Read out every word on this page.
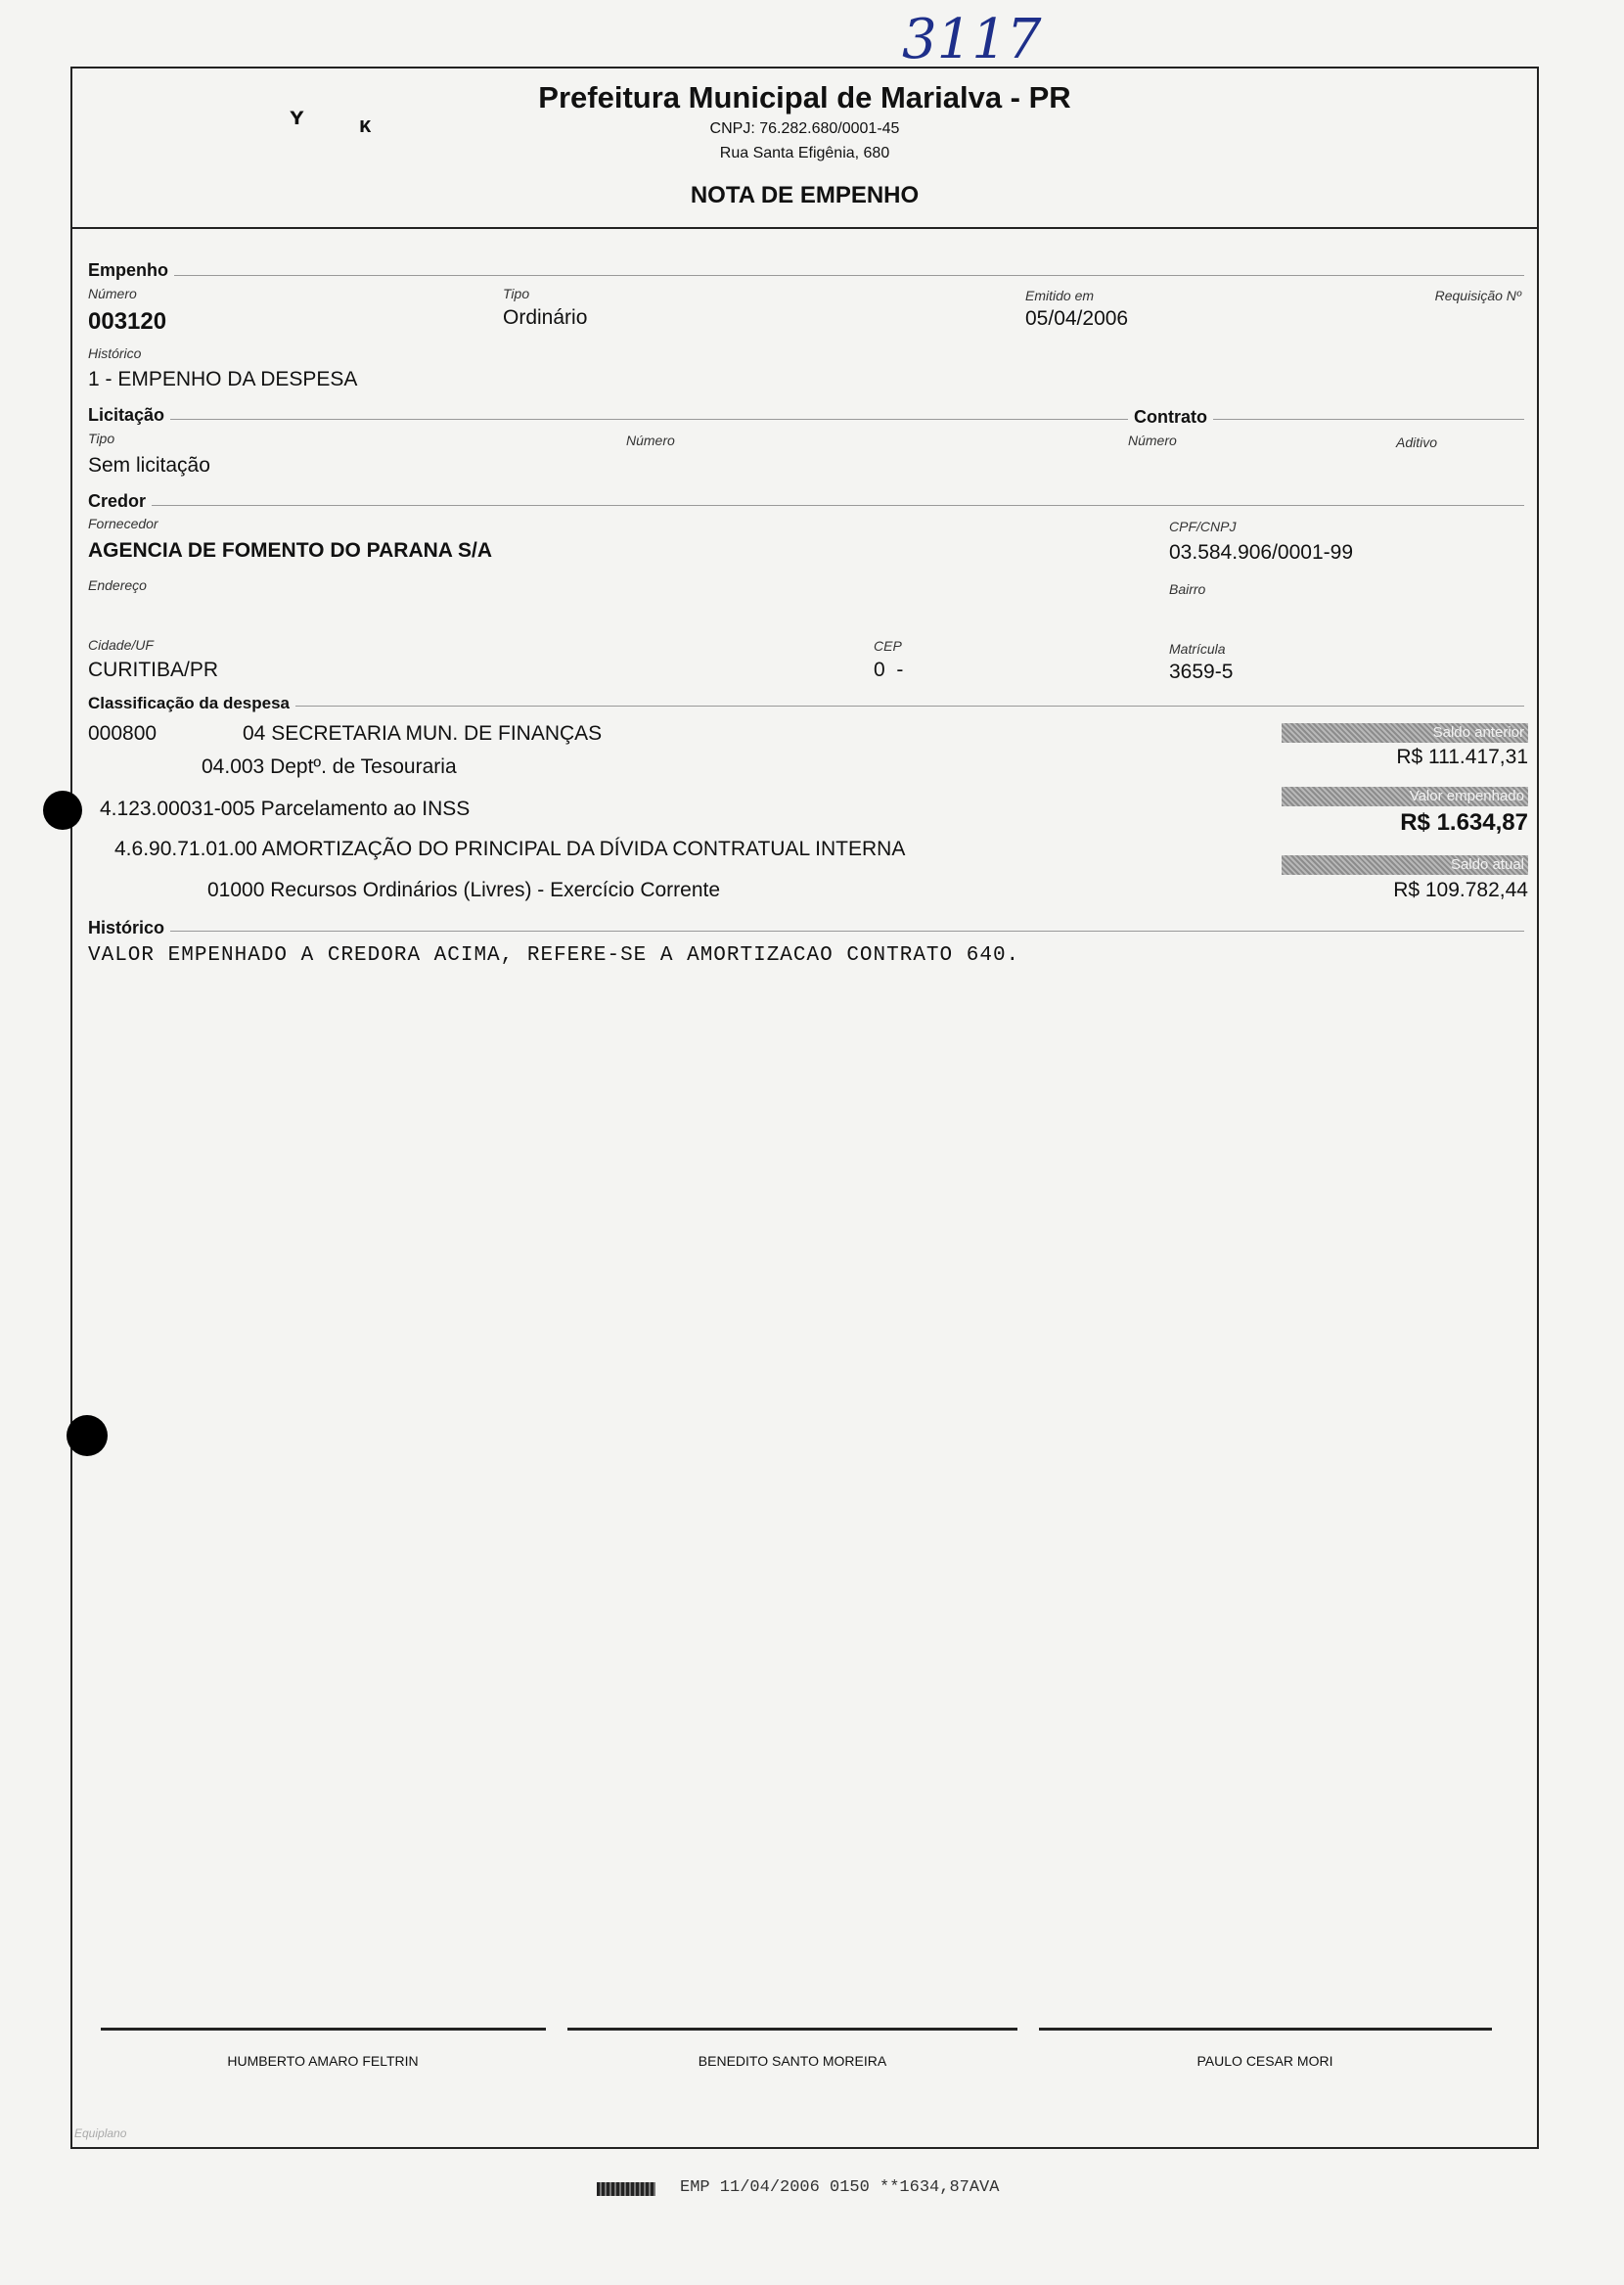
3117
ʏ	ᴋ
Prefeitura Municipal de Marialva - PR
CNPJ: 76.282.680/0001-45
Rua Santa Efigênia, 680
NOTA DE EMPENHO
Empenho
Número
003120
Tipo
Ordinário
Emitido em
05/04/2006
Requisição Nº
Histórico
1 - EMPENHO DA DESPESA
Licitação	Contrato
Tipo
Sem licitação
Número	Número	Aditivo
Credor
Fornecedor
AGENCIA DE FOMENTO DO PARANA S/A
CPF/CNPJ
03.584.906/0001-99
Endereço	Bairro
Cidade/UF
CURITIBA/PR
CEP
0  -
Matrícula
3659-5
Classificação da despesa
000800	04 SECRETARIA MUN. DE FINANÇAS
04.003 Deptº. de Tesouraria
4.123.00031-005 Parcelamento ao INSS
4.6.90.71.01.00 AMORTIZAÇÃO DO PRINCIPAL DA DÍVIDA CONTRATUAL INTERNA
01000 Recursos Ordinários (Livres) - Exercício Corrente
Saldo anterior
R$ 111.417,31
Valor empenhado
R$ 1.634,87
Saldo atual
R$ 109.782,44
Histórico
VALOR EMPENHADO A CREDORA ACIMA, REFERE-SE A AMORTIZACAO CONTRATO 640.
HUMBERTO AMARO FELTRIN	BENEDITO SANTO MOREIRA	PAULO CESAR MORI
Equiplano
EMP 11/04/2006 0150 **1634,87AVA
